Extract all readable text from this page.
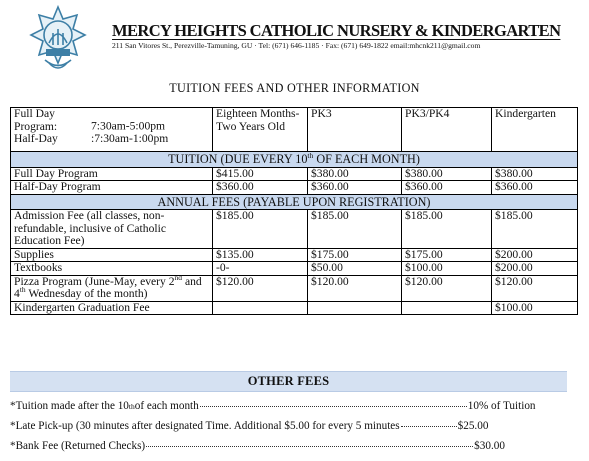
MERCY HEIGHTS CATHOLIC NURSERY & KINDERGARTEN
211 San Vitores St., Perezville-Tamuning, GU · Tel: (671) 646-1185 · Fax: (671) 649-1822 email:mhcnk211@gmail.com
TUITION FEES AND OTHER INFORMATION
Full Day Program: 7:30am-5:00pm
Half-Day :7:30am-1:00pm	Eighteen Months-Two Years Old	PK3	PK3/PK4	Kindergarten
TUITION (DUE EVERY 10th OF EACH MONTH)				
Full Day Program	$415.00	$380.00	$380.00	$380.00
Half-Day Program	$360.00	$360.00	$360.00	$360.00
ANNUAL FEES (PAYABLE UPON REGISTRATION)				
Admission Fee (all classes, non-refundable, inclusive of Catholic Education Fee)	$185.00	$185.00	$185.00	$185.00
Supplies	$135.00	$175.00	$175.00	$200.00
Textbooks	-0-	$50.00	$100.00	$200.00
Pizza Program (June-May, every 2nd and 4th Wednesday of the month)	$120.00	$120.00	$120.00	$120.00
Kindergarten Graduation Fee				$100.00
OTHER FEES
*Tuition made after the 10 th of each month	10% of Tuition
*Late Pick-up (30 minutes after designated Time. Additional $5.00 for every 5 minutes	$25.00
*Bank Fee (Returned Checks)	$30.00
